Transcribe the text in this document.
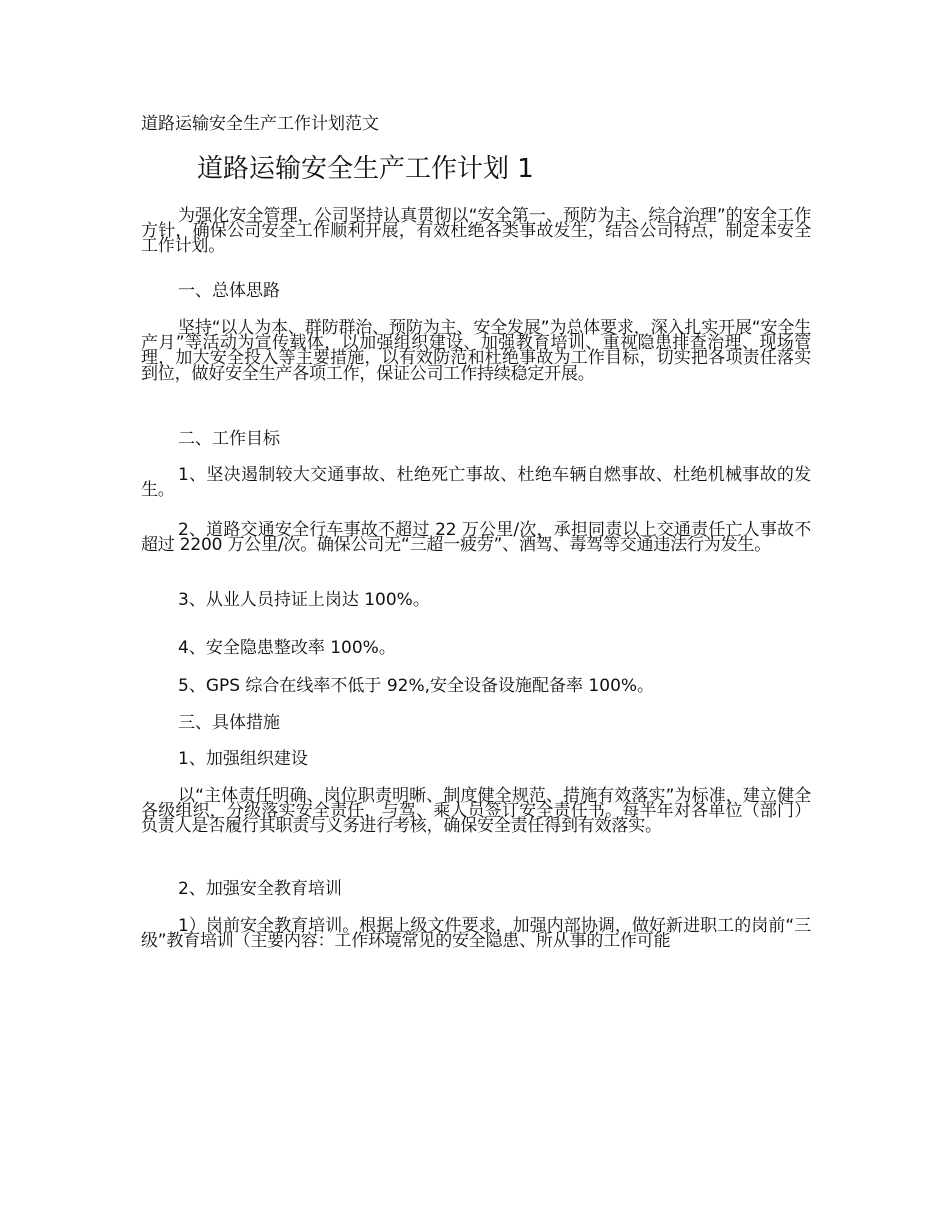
道路运输安全生产工作计划范文
道路运输安全生产工作计划 1

为强化安全管理，公司坚持认真贯彻以“安全第一、预防为主、综合治理”的安全工作方针，确保公司安全工作顺利开展，有效杜绝各类事故发生，结合公司特点，制定本安全工作计划。

一、总体思路

坚持“以人为本、群防群治、预防为主、安全发展”为总体要求，深入扎实开展“安全生产月”等活动为宣传载体，以加强组织建设、加强教育培训、重视隐患排查治理、现场管理，加大安全投入等主要措施，以有效防范和杜绝事故为工作目标，切实把各项责任落实到位，做好安全生产各项工作，保证公司工作持续稳定开展。

二、工作目标

1、坚决遏制较大交通事故、杜绝死亡事故、杜绝车辆自燃事故、杜绝机械事故的发生。

2、道路交通安全行车事故不超过 22 万公里/次，承担同责以上交通责任亡人事故不超过 2200 万公里/次。确保公司无“三超一疲劳”、酒驾、毒驾等交通违法行为发生。

3、从业人员持证上岗达 100%。

4、安全隐患整改率 100%。

5、GPS 综合在线率不低于 92%,安全设备设施配备率 100%。

三、具体措施

1、加强组织建设

以“主体责任明确、岗位职责明晰、制度健全规范、措施有效落实”为标准，建立健全各级组织，分级落实安全责任，与驾、乘人员签订安全责任书。每半年对各单位（部门）负责人是否履行其职责与义务进行考核，确保安全责任得到有效落实。

2、加强安全教育培训

1）岗前安全教育培训。根据上级文件要求，加强内部协调，做好新进职工的岗前“三级”教育培训（主要内容：工作环境常见的安全隐患、所从事的工作可能
